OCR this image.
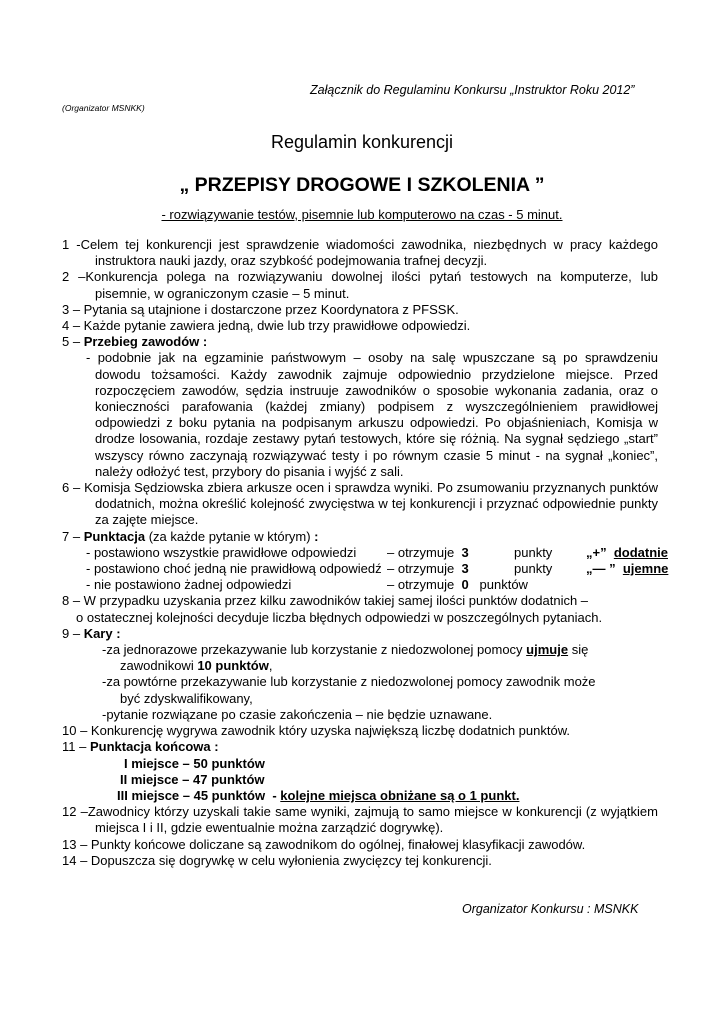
Załącznik do Regulaminu Konkursu „Instruktor Roku 2012”
(Organizator MSNKK)
Regulamin konkurencji
„ PRZEPISY DROGOWE I SZKOLENIA ”
- rozwiązywanie testów, pisemnie lub komputerowo na czas - 5 minut.

1 -Celem tej konkurencji jest sprawdzenie wiadomości zawodnika, niezbędnych w pracy każdego instruktora nauki jazdy, oraz szybkość podejmowania trafnej decyzji.

2 –Konkurencja polega na rozwiązywaniu dowolnej ilości pytań testowych na komputerze, lub pisemnie, w ograniczonym czasie – 5 minut.

3 – Pytania są utajnione i dostarczone przez Koordynatora z PFSSK.

4 – Każde pytanie zawiera jedną, dwie lub trzy prawidłowe odpowiedzi.

5 – Przebieg zawodów :

- podobnie jak na egzaminie państwowym – osoby na salę wpuszczane są po sprawdzeniu dowodu tożsamości. Każdy zawodnik zajmuje odpowiednio przydzielone miejsce. Przed rozpoczęciem zawodów, sędzia instruuje zawodników o sposobie wykonania zadania, oraz o konieczności parafowania (każdej zmiany) podpisem z wyszczególnieniem prawidłowej odpowiedzi z boku pytania na podpisanym arkuszu odpowiedzi. Po objaśnieniach, Komisja w drodze losowania, rozdaje zestawy pytań testowych, które się różnią. Na sygnał sędziego „start” wszyscy równo zaczynają rozwiązywać testy i po równym czasie 5 minut - na sygnał „koniec”, należy odłożyć test, przybory do pisania i wyjść z sali.

6 – Komisja Sędziowska zbiera arkusze ocen i sprawdza wyniki. Po zsumowaniu przyznanych punktów dodatnich, można określić kolejność zwycięstwa w tej konkurencji i przyznać odpowiednie punkty za zajęte miejsce.

7 – Punktacja (za każde pytanie w którym) :

- postawiono wszystkie prawidłowe odpowiedzi	– otrzymuje 3	punkty	„+” dodatnie
- postawiono choć jedną nie prawidłową odpowiedź – otrzymuje 3	punkty	„— ” ujemne
- nie postawiono żadnej odpowiedzi	– otrzymuje 0 punktów

8 – W przypadku uzyskania przez kilku zawodników takiej samej ilości punktów dodatnich –

o ostatecznej kolejności decyduje liczba błędnych odpowiedzi w poszczególnych pytaniach.

9 – Kary :

-za jednorazowe przekazywanie lub korzystanie z niedozwolonej pomocy ujmuje się

zawodnikowi 10 punktów,

-za powtórne przekazywanie lub korzystanie z niedozwolonej pomocy zawodnik może

być zdyskwalifikowany,

-pytanie rozwiązane po czasie zakończenia – nie będzie uznawane.

10 – Konkurencję wygrywa zawodnik który uzyska największą liczbę dodatnich punktów.

11 – Punktacja końcowa :

I miejsce – 50 punktów

II miejsce – 47 punktów

III miejsce – 45 punktów  - kolejne miejsca obniżane są o 1 punkt.

12 –Zawodnicy którzy uzyskali takie same wyniki, zajmują to samo miejsce w konkurencji (z wyjątkiem miejsca I i II, gdzie ewentualnie można zarządzić dogrywkę).

13 – Punkty końcowe doliczane są zawodnikom do ogólnej, finałowej klasyfikacji zawodów.

14 – Dopuszcza się dogrywkę w celu wyłonienia zwycięzcy tej konkurencji.

Organizator Konkursu : MSNKK
